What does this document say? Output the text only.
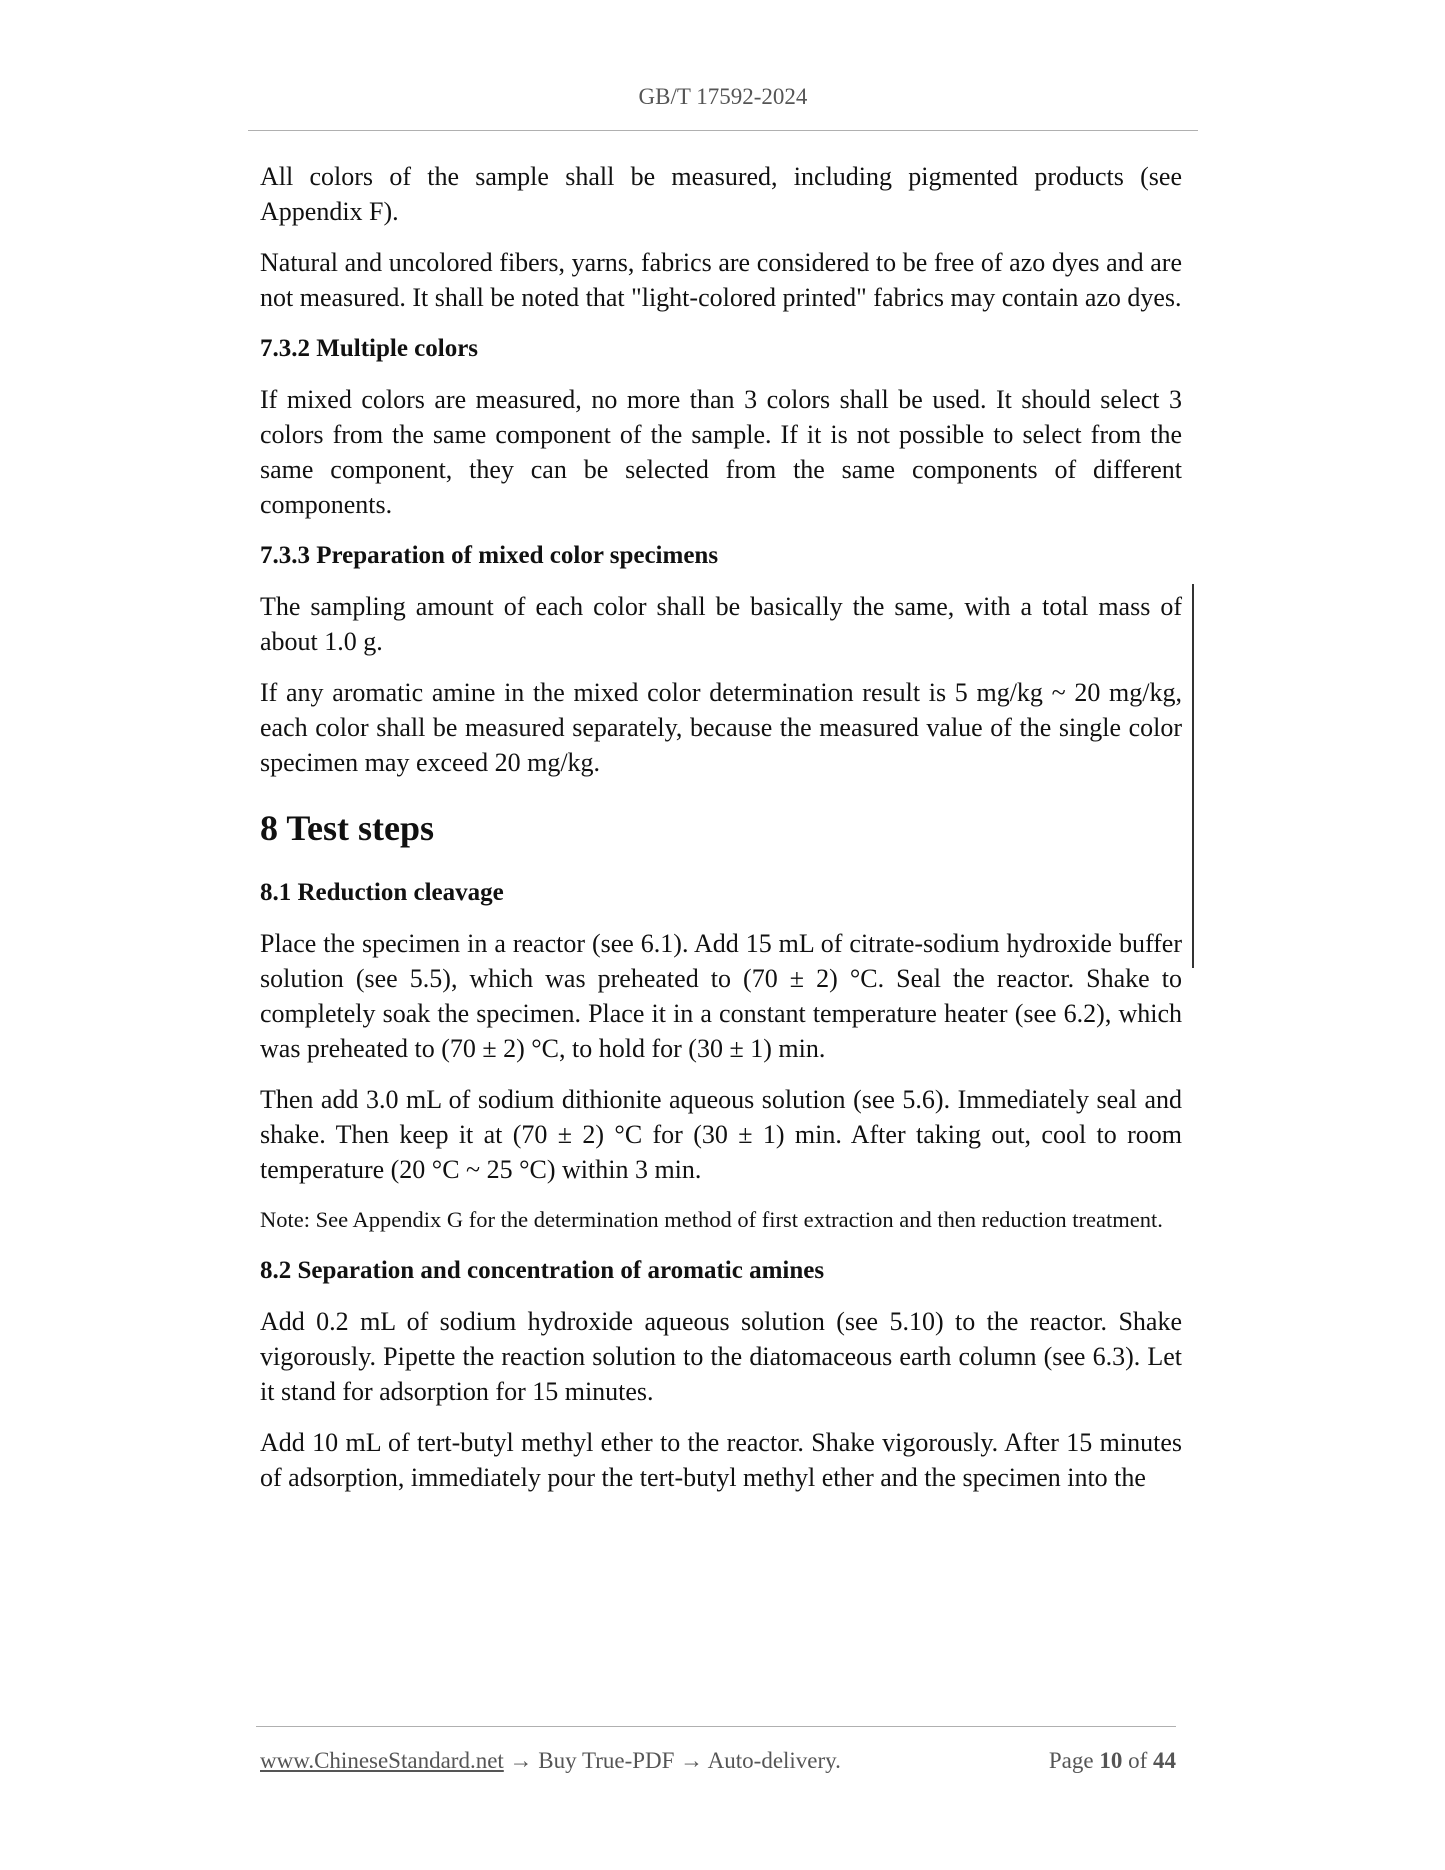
GB/T 17592-2024

All colors of the sample shall be measured, including pigmented products (see Appendix F).

Natural and uncolored fibers, yarns, fabrics are considered to be free of azo dyes and are not measured. It shall be noted that "light-colored printed" fabrics may contain azo dyes.

7.3.2 Multiple colors

If mixed colors are measured, no more than 3 colors shall be used. It should select 3 colors from the same component of the sample. If it is not possible to select from the same component, they can be selected from the same components of different components.

7.3.3 Preparation of mixed color specimens

The sampling amount of each color shall be basically the same, with a total mass of about 1.0 g.

If any aromatic amine in the mixed color determination result is 5 mg/kg ~ 20 mg/kg, each color shall be measured separately, because the measured value of the single color specimen may exceed 20 mg/kg.

8 Test steps
8.1 Reduction cleavage

Place the specimen in a reactor (see 6.1). Add 15 mL of citrate-sodium hydroxide buffer solution (see 5.5), which was preheated to (70 ± 2) °C. Seal the reactor. Shake to completely soak the specimen. Place it in a constant temperature heater (see 6.2), which was preheated to (70 ± 2) °C, to hold for (30 ± 1) min.

Then add 3.0 mL of sodium dithionite aqueous solution (see 5.6). Immediately seal and shake. Then keep it at (70 ± 2) °C for (30 ± 1) min. After taking out, cool to room temperature (20 °C ~ 25 °C) within 3 min.

Note: See Appendix G for the determination method of first extraction and then reduction treatment.

8.2 Separation and concentration of aromatic amines

Add 0.2 mL of sodium hydroxide aqueous solution (see 5.10) to the reactor. Shake vigorously. Pipette the reaction solution to the diatomaceous earth column (see 6.3). Let it stand for adsorption for 15 minutes.

Add 10 mL of tert-butyl methyl ether to the reactor. Shake vigorously. After 15 minutes of adsorption, immediately pour the tert-butyl methyl ether and the specimen into the

www.ChineseStandard.net → Buy True-PDF → Auto-delivery.	Page 10 of 44
